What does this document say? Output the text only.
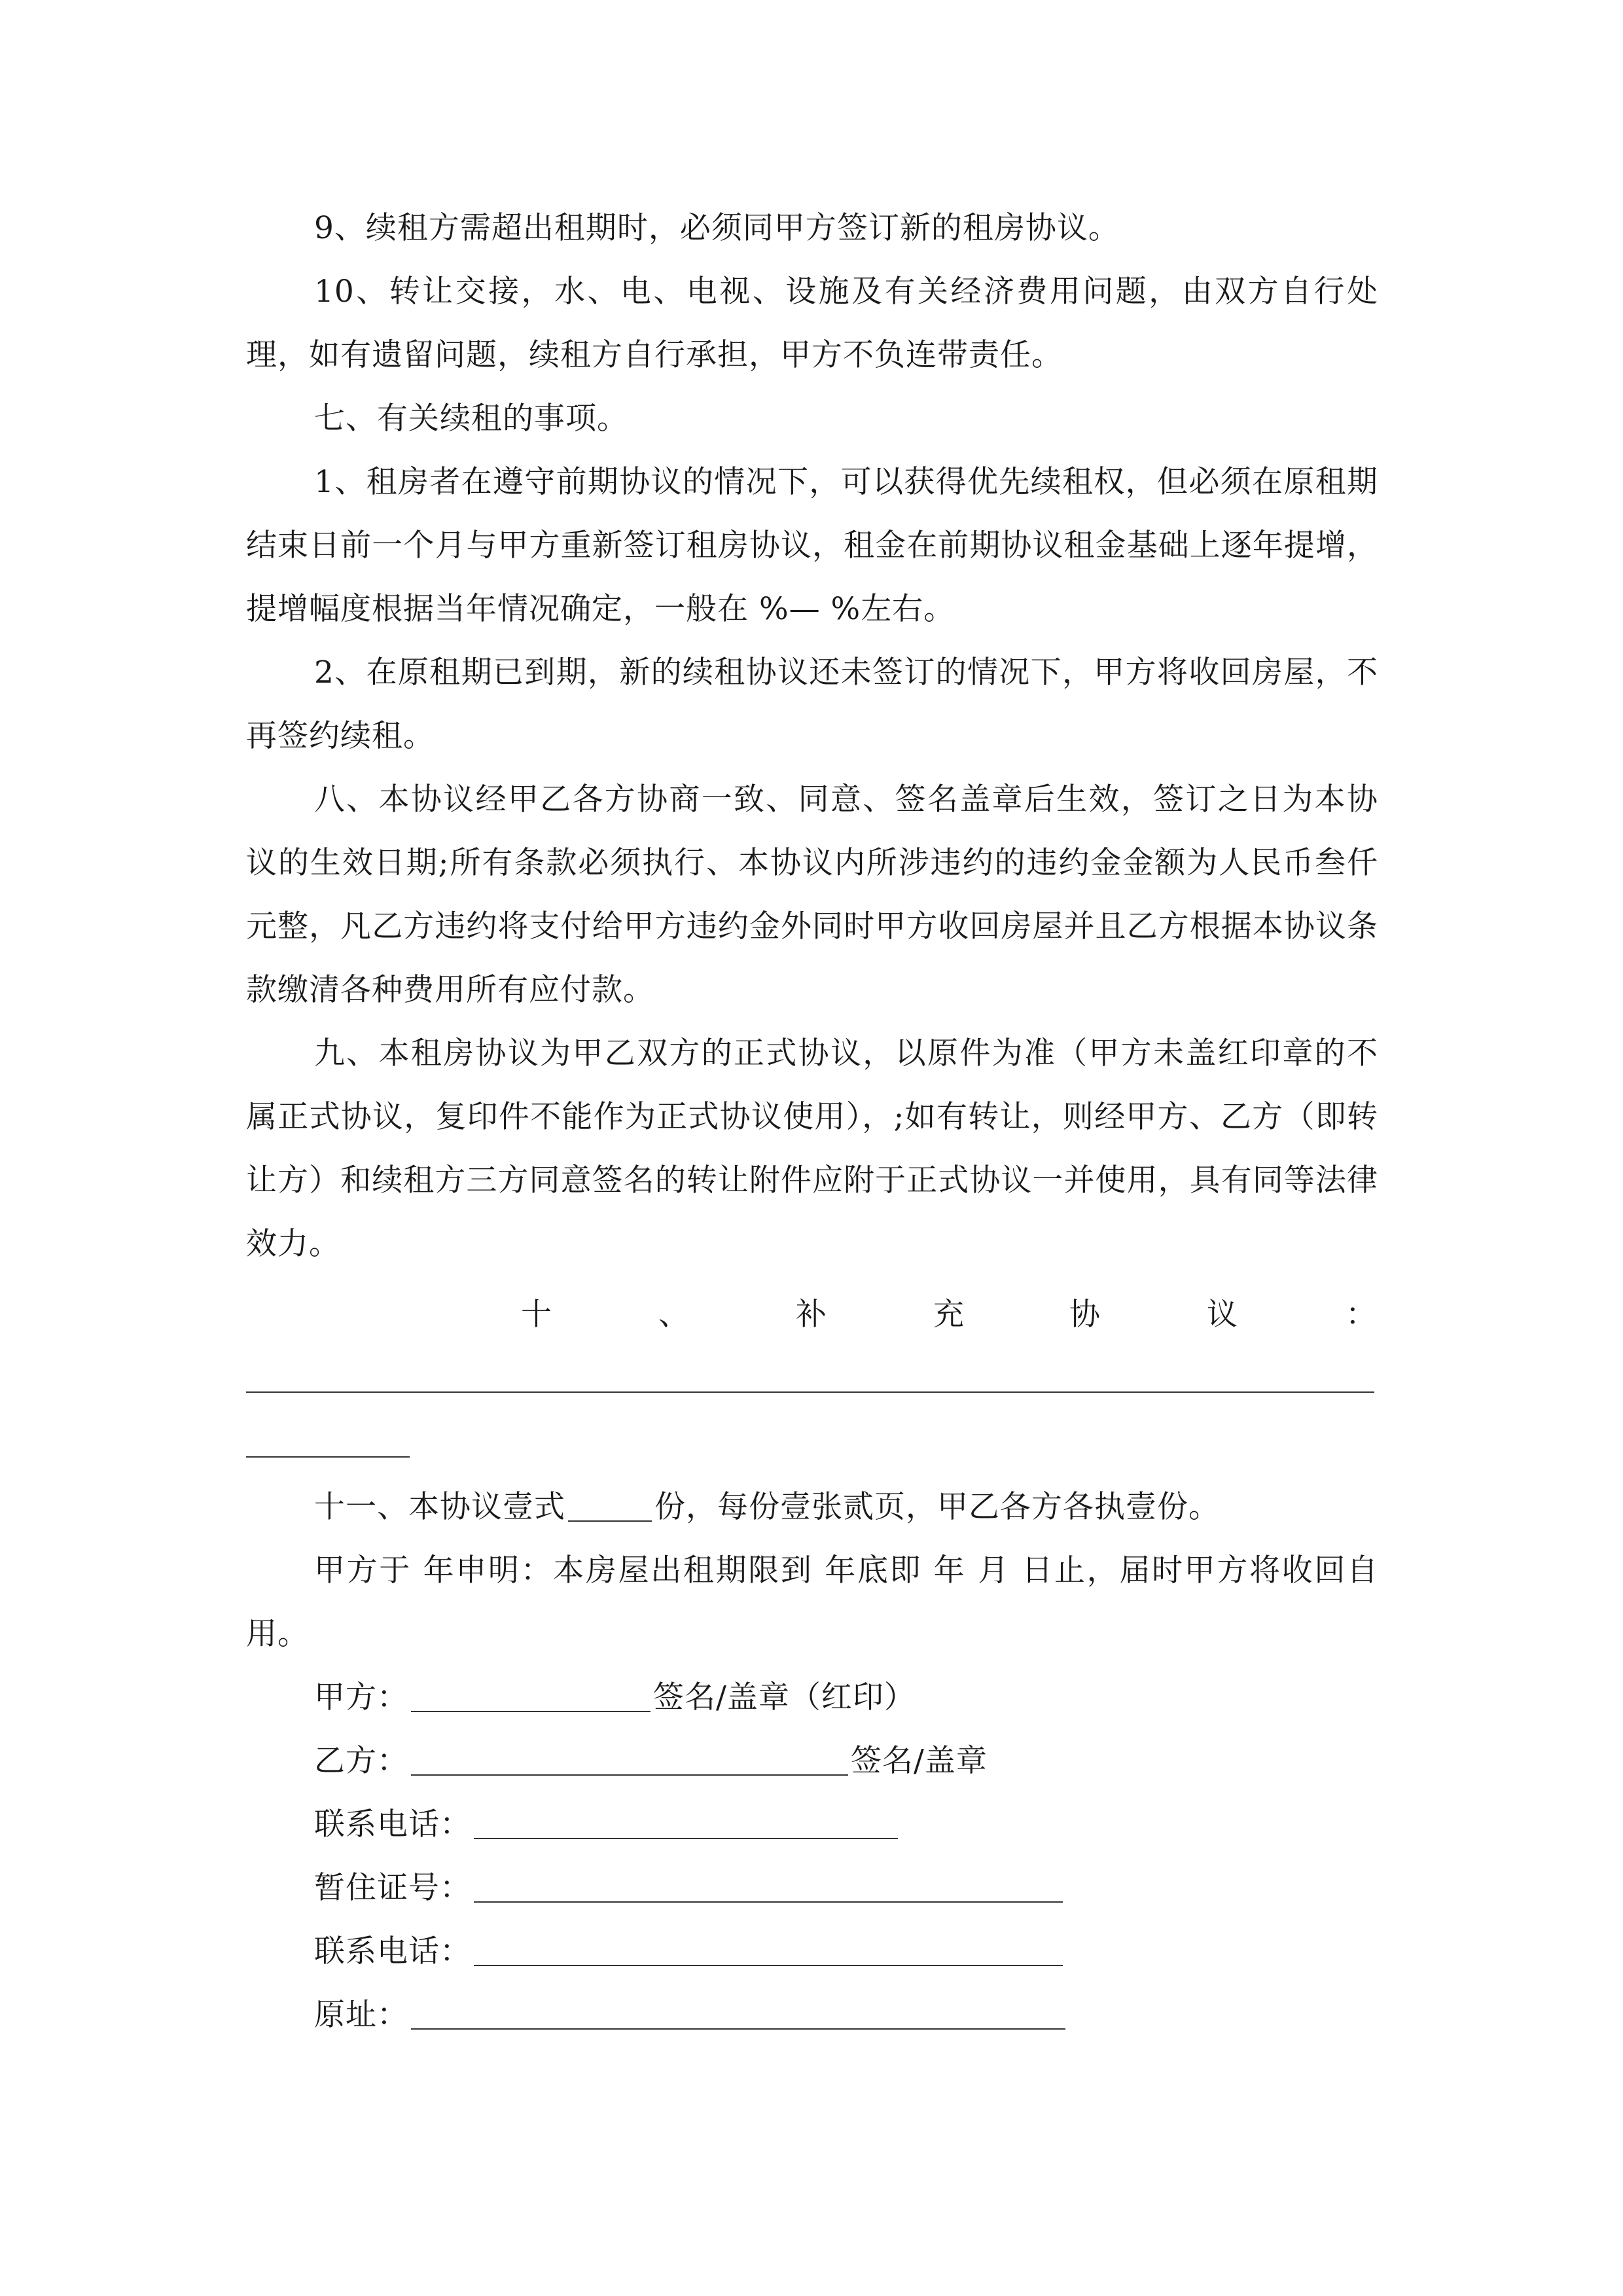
9、续租方需超出租期时，必须同甲方签订新的租房协议。

10、转让交接，水、电、电视、设施及有关经济费用问题，由双方自行处理，如有遗留问题，续租方自行承担，甲方不负连带责任。

七、有关续租的事项。

1、租房者在遵守前期协议的情况下，可以获得优先续租权，但必须在原租期结束日前一个月与甲方重新签订租房协议，租金在前期协议租金基础上逐年提增，提增幅度根据当年情况确定，一般在 %— %左右。

2、在原租期已到期，新的续租协议还未签订的情况下，甲方将收回房屋，不再签约续租。

八、本协议经甲乙各方协商一致、同意、签名盖章后生效，签订之日为本协议的生效日期;所有条款必须执行、本协议内所涉违约的违约金金额为人民币叁仟元整，凡乙方违约将支付给甲方违约金外同时甲方收回房屋并且乙方根据本协议条款缴清各种费用所有应付款。

九、本租房协议为甲乙双方的正式协议，以原件为准（甲方未盖红印章的不属正式协议，复印件不能作为正式协议使用），;如有转让，则经甲方、乙方（即转让方）和续租方三方同意签名的转让附件应附于正式协议一并使用，具有同等法律效力。

十	、	补	充	协	议	：

十一、本协议壹式	份，每份壹张贰页，甲乙各方各执壹份。

甲方于 年申明：本房屋出租期限到 年底即 年 月 日止，届时甲方将收回自用。

甲方：	签名/盖章（红印）
乙方：	签名/盖章
联系电话：
暂住证号：
联系电话：
原址：
